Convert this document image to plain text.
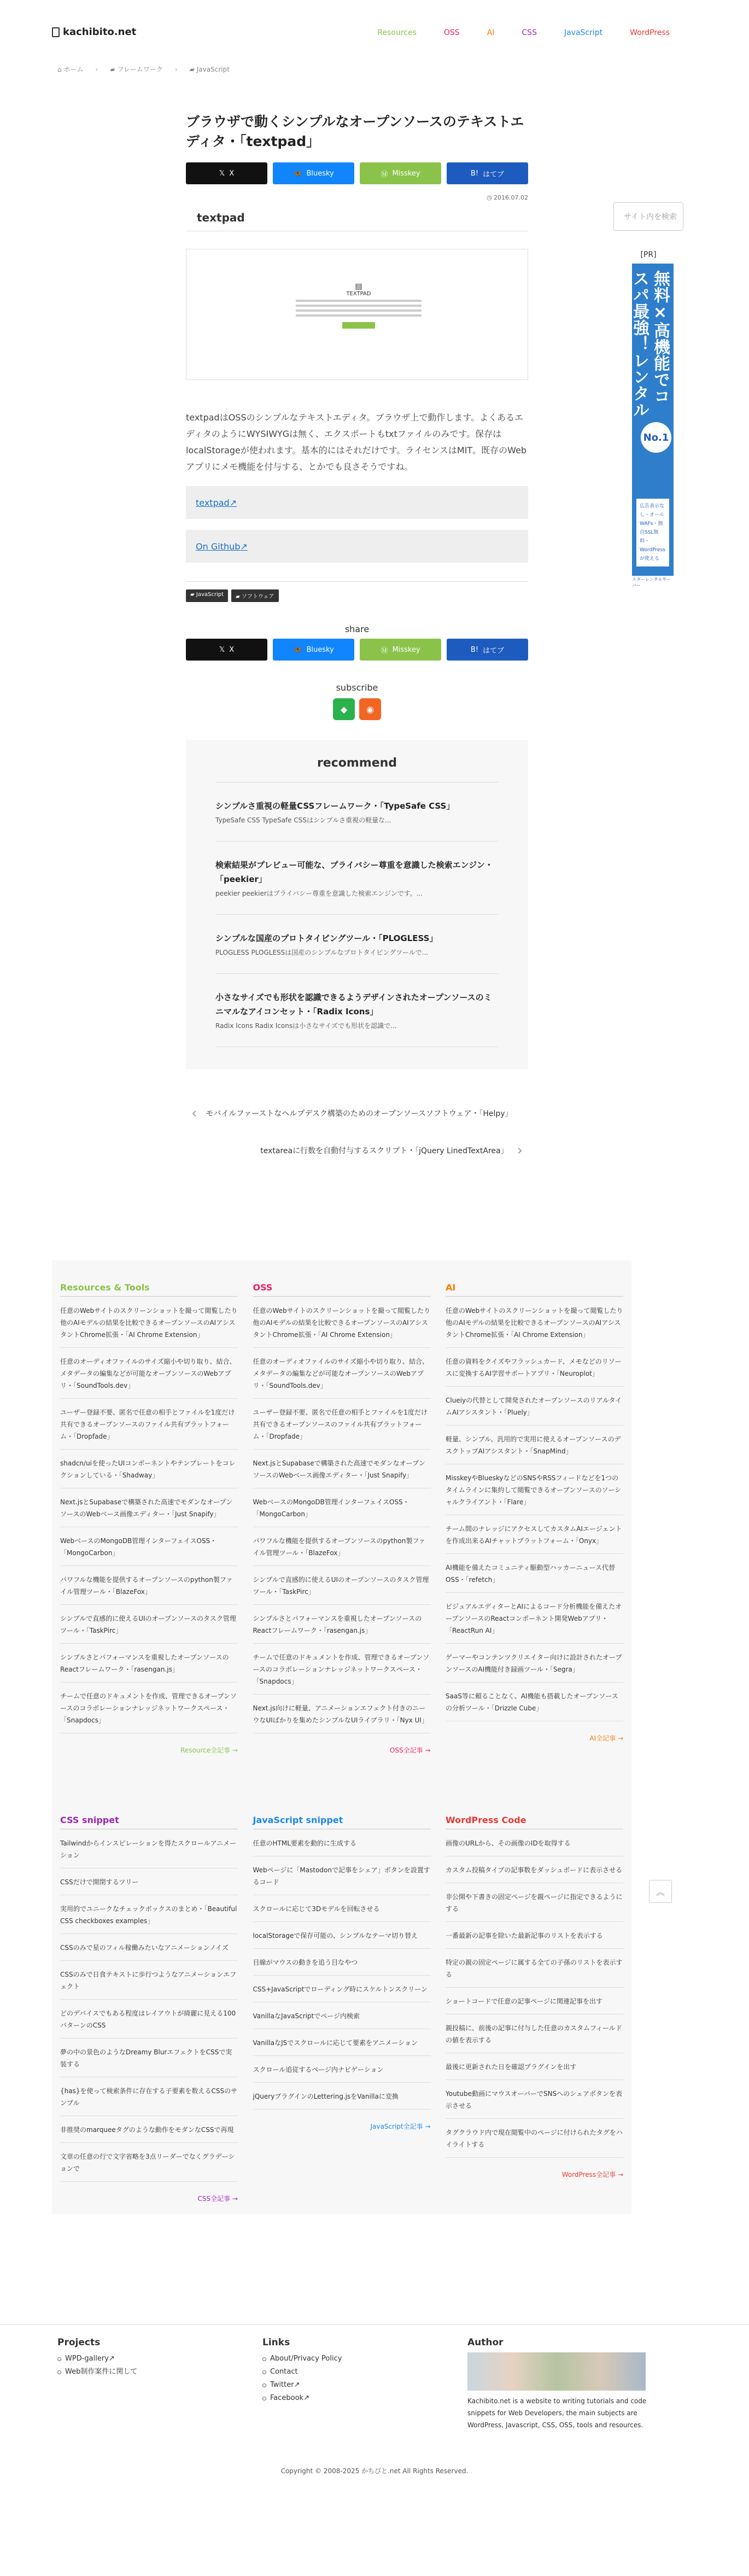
kachibito.net	Resources	OSS	AI	CSS	JavaScript	WordPress
⌂ ホーム › ▰ フレームワーク › ▰ JavaScript
ブラウザで動くシンプルなオープンソースのテキストエディタ・「textpad」
𝕏 X	🦋 Bluesky	Ⓜ Misskey	B! はてブ
◷ 2016.07.02
textpad
▤
TEXTPAD

textpadはOSSのシンプルなテキストエディタ。ブラウザ上で動作します。よくあるエディタのようにWYSIWYGは無く、エクスポートもtxtファイルのみです。保存はlocalStorageが使われます。基本的にはそれだけです。ライセンスはMIT。既存のWebアプリにメモ機能を付与する、とかでも良さそうですね。

textpad ↗
On Github ↗
▰ JavaScript	▰ ソフトウェア
share
𝕏 X	🦋 Bluesky	Ⓜ Misskey	B! はてブ
subscribe
◆	◉
recommend
シンプルさ重視の軽量CSSフレームワーク・「TypeSafe CSS」
TypeSafe CSS TypeSafe CSSはシンプルさ重視の軽量な...
検索結果がプレビュー可能な、プライバシー尊重を意識した検索エンジン・「peekier」
peekier peekierはプライバシー尊重を意識した検索エンジンです。...
シンプルな国産のプロトタイピングツール・「PLOGLESS」
PLOGLESS PLOGLESSは国産のシンプルなプロトタイピングツールで...
小さなサイズでも形状を認識できるようデザインされたオープンソースのミニマルなアイコンセット・「Radix Icons」
Radix Icons Radix Iconsは小さなサイズでも形状を認識で...
‹ モバイルファーストなヘルプデスク構築のためのオープンソースソフトウェア・「Helpy」
textareaに行数を自動付与するスクリプト・「jQuery LinedTextArea」 ›
サイト内を検索
[PR]
無料×高機能でコスパ最強！レンタルサーバー
No.1
広告表示なし・オールWAFs・独自SSL無料・WordPressが使える
スターレンタルサーバー
Resources & Tools
任意のWebサイトのスクリーンショットを撮って閲覧したり他のAIモデルの結果を比較できるオープンソースのAIアシスタントChrome拡張・「AI Chrome Extension」
任意のオーディオファイルのサイズ縮小や切り取り、結合、メタデータの編集などが可能なオープンソースのWebアプリ・「SoundTools.dev」
ユーザー登録不要、匿名で任意の相手とファイルを1度だけ共有できるオープンソースのファイル共有プラットフォーム・「Dropfade」
shadcn/uiを使ったUIコンポーネントやテンプレートをコレクションしている・「Shadway」
Next.jsとSupabaseで構築された高速でモダンなオープンソースのWebベース画像エディター・「Just Snapify」
WebベースのMongoDB管理インターフェイスOSS・「MongoCarbon」
パワフルな機能を提供するオープンソースのpython製ファイル管理ツール・「BlazeFox」
シンプルで直感的に使えるUIのオープンソースのタスク管理ツール・「TaskPirc」
シンプルさとパフォーマンスを重視したオープンソースのReactフレームワーク・「rasengan.js」
チームで任意のドキュメントを作成、管理できるオープンソースのコラボレーションナレッジネットワークスペース・「Snapdocs」
Resource全記事 →
OSS
任意のWebサイトのスクリーンショットを撮って閲覧したり他のAIモデルの結果を比較できるオープンソースのAIアシスタントChrome拡張・「AI Chrome Extension」
任意のオーディオファイルのサイズ縮小や切り取り、結合、メタデータの編集などが可能なオープンソースのWebアプリ・「SoundTools.dev」
ユーザー登録不要、匿名で任意の相手とファイルを1度だけ共有できるオープンソースのファイル共有プラットフォーム・「Dropfade」
Next.jsとSupabaseで構築された高速でモダンなオープンソースのWebベース画像エディター・「Just Snapify」
WebベースのMongoDB管理インターフェイスOSS・「MongoCarbon」
パワフルな機能を提供するオープンソースのpython製ファイル管理ツール・「BlazeFox」
シンプルで直感的に使えるUIのオープンソースのタスク管理ツール・「TaskPirc」
シンプルさとパフォーマンスを重視したオープンソースのReactフレームワーク・「rasengan.js」
チームで任意のドキュメントを作成、管理できるオープンソースのコラボレーションナレッジネットワークスペース・「Snapdocs」
Next.js向けに軽量、アニメーションエフェクト付きのニーウなUIばかりを集めたシンプルなUIライブラリ・「Nyx UI」
OSS全記事 →
AI
任意のWebサイトのスクリーンショットを撮って閲覧したり他のAIモデルの結果を比較できるオープンソースのAIアシスタントChrome拡張・「AI Chrome Extension」
任意の資料をクイズやフラッシュカード、メモなどのリソースに変換するAI学習サポートアプリ・「Neuroplot」
Clueiyの代替として開発されたオープンソースのリアルタイムAIアシスタント・「Pluely」
軽量、シンプル、汎用的で実用に使えるオープンソースのデスクトップAIアシスタント・「SnapMind」
MisskeyやBlueskyなどのSNSやRSSフィードなどを1つのタイムラインに集約して閲覧できるオープンソースのソーシャルクライアント・「Flare」
チーム間のナレッジにアクセスしてカスタムAIエージェントを作成出来るAIチャットプラットフォーム・「Onyx」
AI機能を備えたコミュニティ駆動型ハッカーニュース代替OSS・「refetch」
ビジュアルエディターとAIによるコード分析機能を備えたオープンソースのReactコンポーネント開発Webアプリ・「ReactRun AI」
ゲーマーやコンテンツクリエイター向けに設計されたオープンソースのAI機能付き録画ツール・「Segra」
SaaS等に頼ることなく、AI機能も搭載したオープンソースの分析ツール・「Drizzle Cube」
AI全記事 →
CSS snippet
Tailwindからインスピレーションを得たスクロールアニメーション
CSSだけで開閉するツリー
実用的でユニークなチェックボックスのまとめ・「Beautiful CSS checkboxes examples」
CSSのみで星のフィル稼働みたいなアニメーションノイズ
CSSのみで日食テキストに歩行つようなアニメーションエフェクト
どのデバイスでもある程度はレイアウトが綺麗に見える100パターンのCSS
夢の中の景色のようなDreamy BlurエフェクトをCSSで実装する
{has}を使って検索条件に存在する子要素を数えるCSSのサンプル
非推奨のmarqueeタグのような動作をモダンなCSSで再現
文章の任意の行で文字省略を3点リーダーでなくグラデーションで
CSS全記事 →
JavaScript snippet
任意のHTML要素を動的に生成する
Webページに「Mastodonで記事をシェア」ボタンを設置するコード
スクロールに応じて3Dモデルを回転させる
localStorageで保存可能の、シンプルなテーマ切り替え
目線がマウスの動きを追う目なやつ
CSS+JavaScriptでローディング時にスケルトンスクリーン
VanillaなJavaScriptでページ内検索
VanillaなJSでスクロールに応じて要素をアニメーション
スクロール追従するページ内ナビゲーション
jQueryプラグインのLettering.jsをVanillaに変換
JavaScript全記事 →
WordPress Code
画像のURLから、その画像のIDを取得する
カスタム投稿タイプの記事数をダッシュボードに表示させる
非公開や下書きの固定ページを親ページに指定できるようにする
一番最新の記事を除いた最新記事のリストを表示する
特定の親の固定ページに属する全ての子孫のリストを表示する
ショートコードで任意の記事ページに関連記事を出す
親投稿に、前後の記事に付与した任意のカスタムフィールドの値を表示する
最後に更新された日を確認プラグインを出す
Youtube動画にマウスオーバーでSNSへのシェアボタンを表示させる
タグクラウド内で現在閲覧中のページに付けられたタグをハイライトする
WordPress全記事 →
︽
Projects
WPD-gallery↗
Web制作案件に関して
Links
About/Privacy Policy
Contact
Twitter↗
Facebook↗
Author

Kachibito.net is a website to writing tutorials and code snippets for Web Developers, the main subjects are WordPress, Javascript, CSS, OSS, tools and resources.

Copyright © 2008-2025 かちびと.net All Rights Reserved.
